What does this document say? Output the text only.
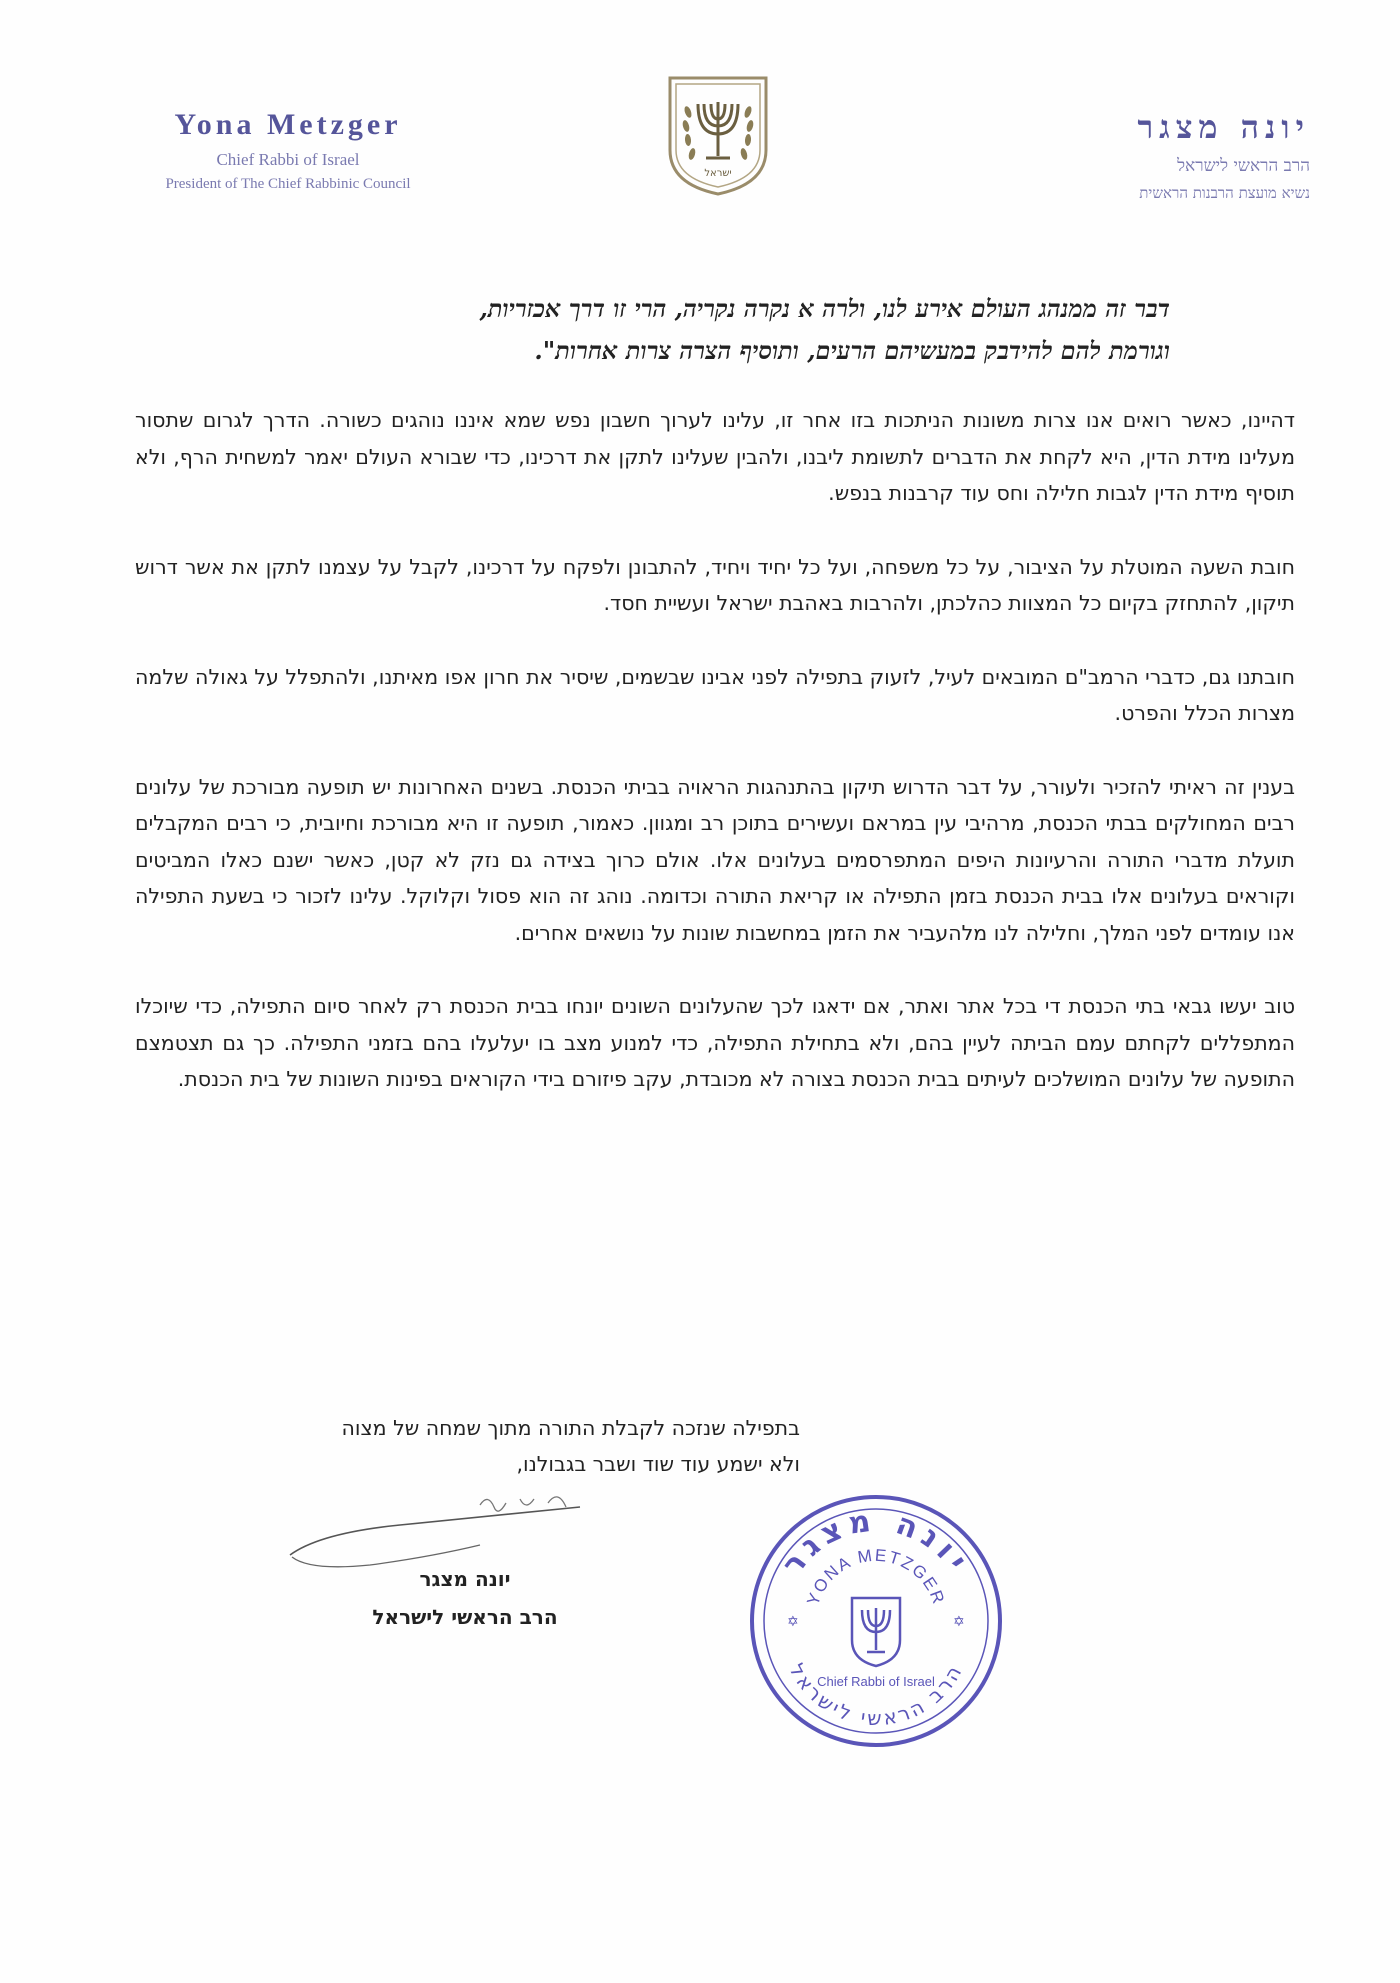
Yona Metzger
Chief Rabbi of Israel
President of The Chief Rabbinic Council
ישראל
יונה מצגר
הרב הראשי לישראל
נשיא מועצת הרבנות הראשית
דבר זה ממנהג העולם אירע לנו, ולרה א נקרה נקריה, הרי זו דרך אכזריות,
וגורמת להם להידבק במעשיהם הרעים, ותוסיף הצרה צרות אחרות".

דהיינו, כאשר רואים אנו צרות משונות הניתכות בזו אחר זו, עלינו לערוך חשבון נפש שמא איננו נוהגים כשורה. הדרך לגרום שתסור מעלינו מידת הדין, היא לקחת את הדברים לתשומת ליבנו, ולהבין שעלינו לתקן את דרכינו, כדי שבורא העולם יאמר למשחית הרף, ולא תוסיף מידת הדין לגבות חלילה וחס עוד קרבנות בנפש.

חובת השעה המוטלת על הציבור, על כל משפחה, ועל כל יחיד ויחיד, להתבונן ולפקח על דרכינו, לקבל על עצמנו לתקן את אשר דרוש תיקון, להתחזק בקיום כל המצוות כהלכתן, ולהרבות באהבת ישראל ועשיית חסד.

חובתנו גם, כדברי הרמב"ם המובאים לעיל, לזעוק בתפילה לפני אבינו שבשמים, שיסיר את חרון אפו מאיתנו, ולהתפלל על גאולה שלמה מצרות הכלל והפרט.

בענין זה ראיתי להזכיר ולעורר, על דבר הדרוש תיקון בהתנהגות הראויה בביתי הכנסת. בשנים האחרונות יש תופעה מבורכת של עלונים רבים המחולקים בבתי הכנסת, מרהיבי עין במראם ועשירים בתוכן רב ומגוון. כאמור, תופעה זו היא מבורכת וחיובית, כי רבים המקבלים תועלת מדברי התורה והרעיונות היפים המתפרסמים בעלונים אלו. אולם כרוך בצידה גם נזק לא קטן, כאשר ישנם כאלו המביטים וקוראים בעלונים אלו בבית הכנסת בזמן התפילה או קריאת התורה וכדומה. נוהג זה הוא פסול וקלוקל. עלינו לזכור כי בשעת התפילה אנו עומדים לפני המלך, וחלילה לנו מלהעביר את הזמן במחשבות שונות על נושאים אחרים.

טוב יעשו גבאי בתי הכנסת די בכל אתר ואתר, אם ידאגו לכך שהעלונים השונים יונחו בבית הכנסת רק לאחר סיום התפילה, כדי שיוכלו המתפללים לקחתם עמם הביתה לעיין בהם, ולא בתחילת התפילה, כדי למנוע מצב בו יעלעלו בהם בזמני התפילה. כך גם תצטמצם התופעה של עלונים המושלכים לעיתים בבית הכנסת בצורה לא מכובדת, עקב פיזורם בידי הקוראים בפינות השונות של בית הכנסת.

בתפילה שנזכה לקבלת התורה מתוך שמחה של מצוה
ולא ישמע עוד שוד ושבר בגבולנו,
יונה מצגר
הרב הראשי לישראל
יונה מצגר
YONA METZGER
הרב הראשי לישראל
Chief Rabbi of Israel
✡	✡
